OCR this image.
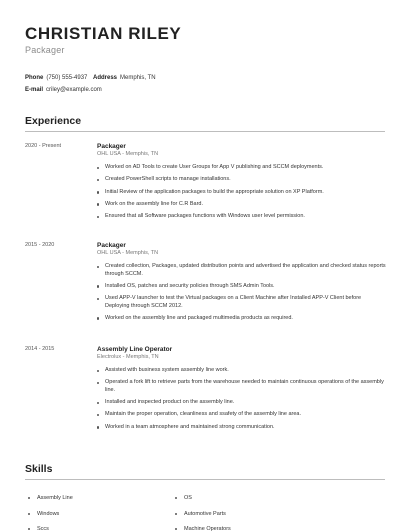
CHRISTIAN RILEY
Packager
Phone (750) 555-4937 Address Memphis, TN
E-mail criley@example.com
Experience
2020 - Present	Packager
OHL USA - Memphis, TN
Worked on AD Tools to create User Groups for App V publishing and SCCM deployments.
Created PowerShell scripts to manage installations.
Initial Review of the application packages to build the appropriate solution on XP Platform.
Work on the assembly line for C.R Bard.
Ensured that all Software packages functions with Windows user level permission.
2015 - 2020	Packager
OHL USA - Memphis, TN
Created collection, Packages, updated distribution points and advertised the application and checked status reports through SCCM.
Installed OS, patches and security policies through SMS Admin Tools.
Used APP-V launcher to test the Virtual packages on a Client Machine after Installed APP-V Client before Deploying through SCCM 2012.
Worked on the assembly line and packaged multimedia products as required.
2014 - 2015	Assembly Line Operator
Electrolux - Memphis, TN
Assisted with business system assembly line work.
Operated a fork lift to retrieve parts from the warehouse needed to maintain continuous operations of the assembly line.
Installed and inspected product on the assembly line.
Maintain the proper operation, cleanliness and ssafety of the assembly line area.
Worked in a team atmosphere and maintained strong communication.
Skills
Assembly Line	OS
Windows	Automotive Parts
Sccs	Machine Operators
